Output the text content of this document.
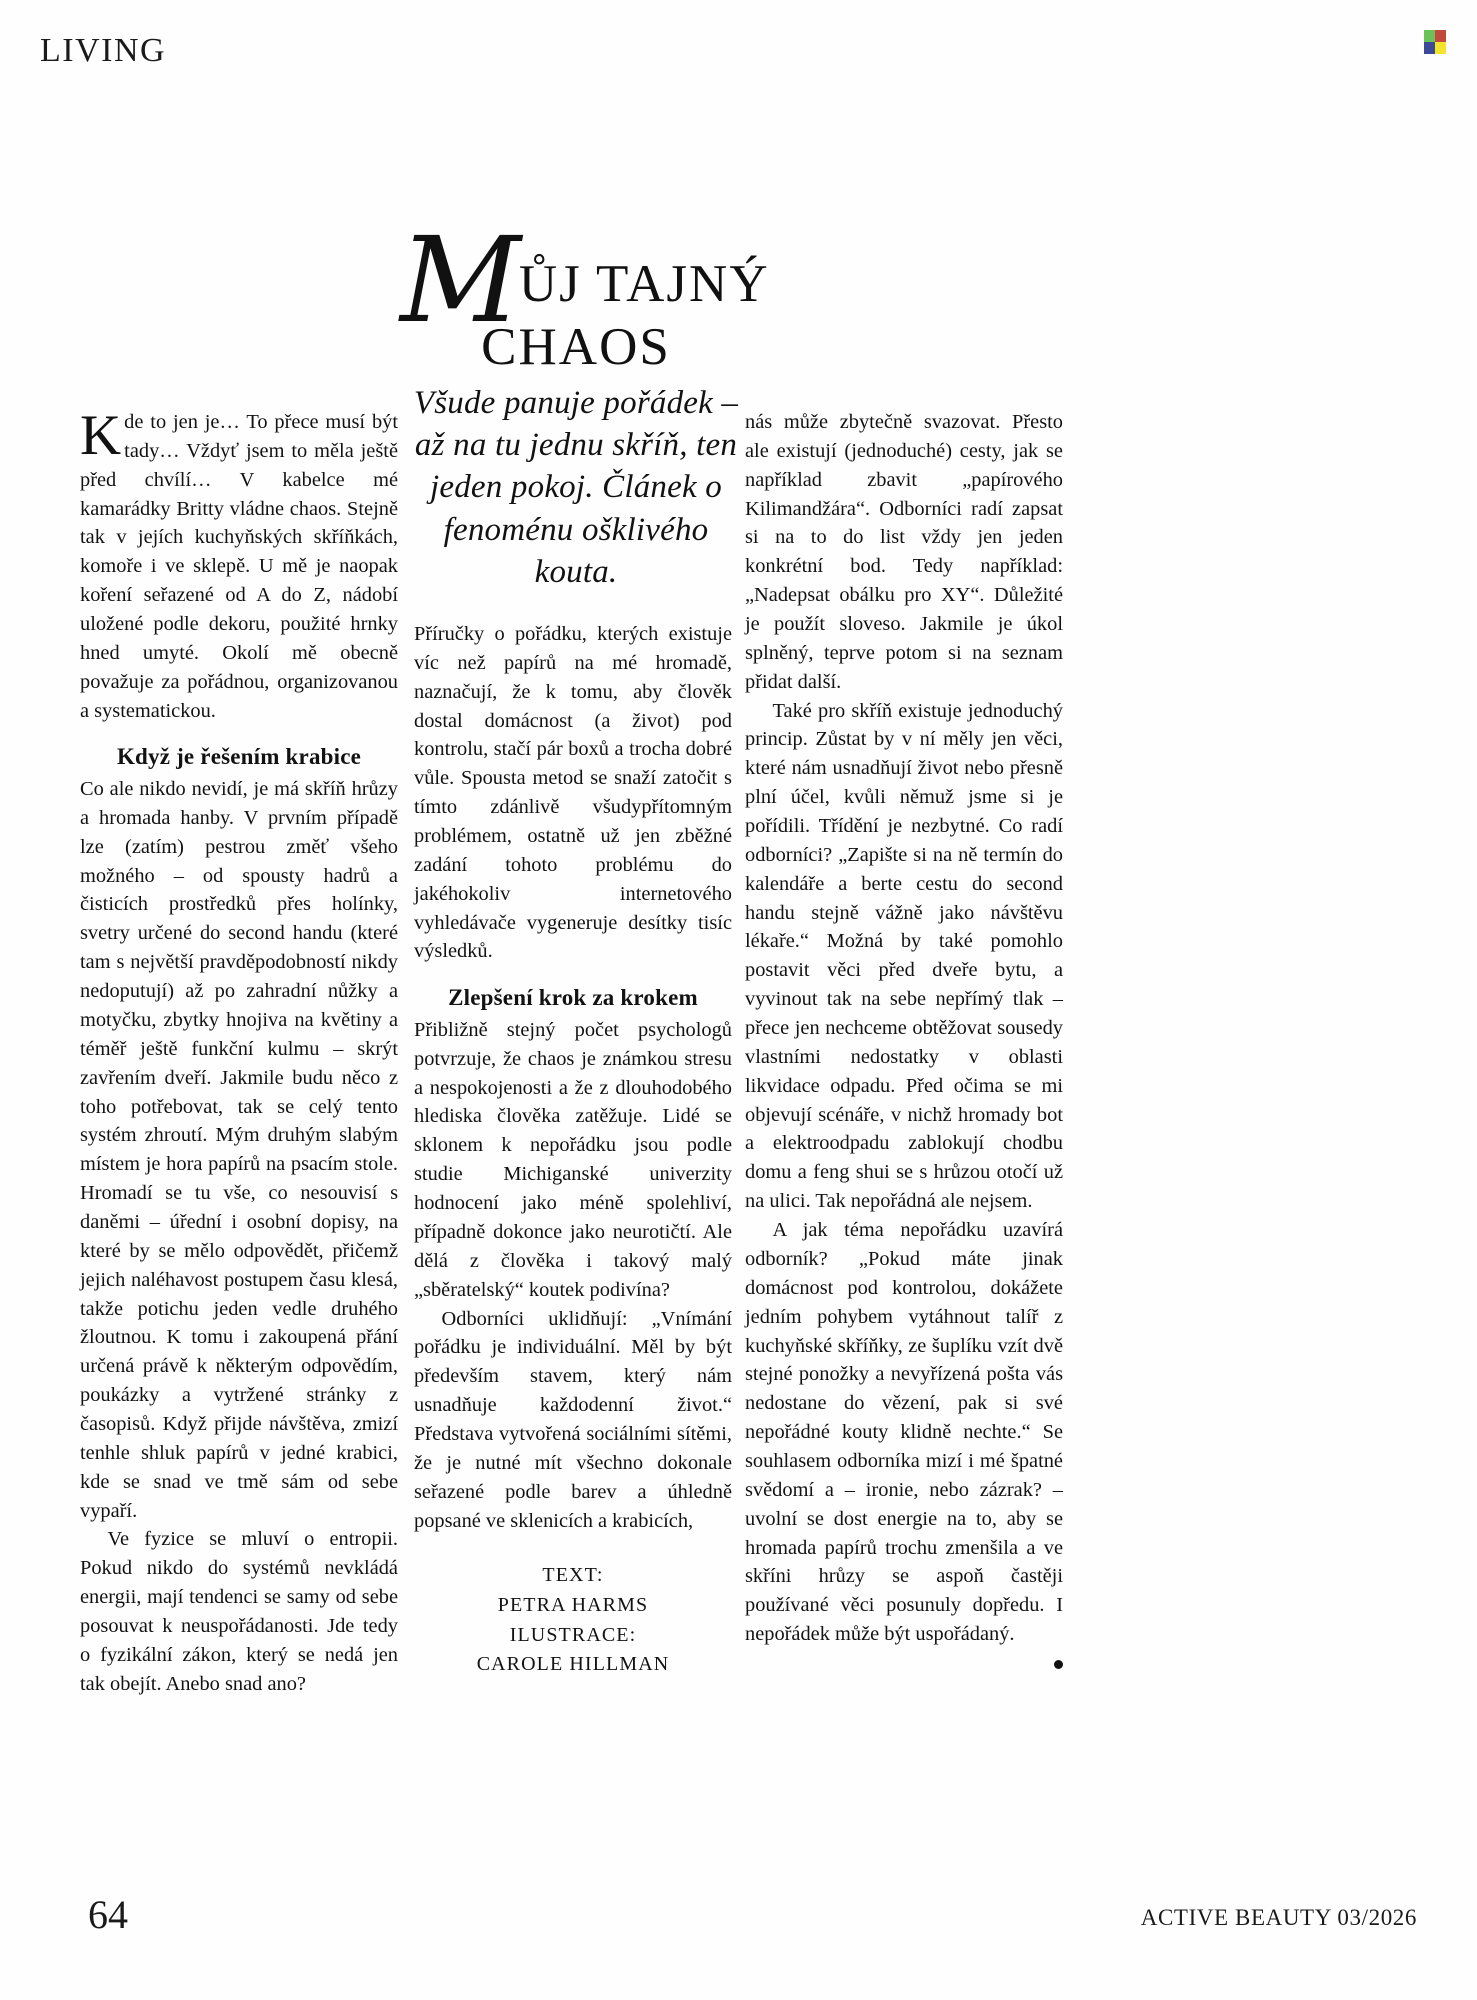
LIVING
MŮJ TAJNÝ
CHAOS
Všude panuje pořádek – až na tu jednu skříň, ten jeden pokoj. Článek o fenoménu ošklivého kouta.

Kde to jen je… To přece musí být tady… Vždyť jsem to měla ještě před chvílí… V kabelce mé kamarádky Britty vládne chaos. Stejně tak v jejích kuchyňských skříňkách, komoře i ve sklepě. U mě je naopak koření seřazené od A do Z, nádobí uložené podle dekoru, použité hrnky hned umyté. Okolí mě obecně považuje za pořádnou, organizovanou a systematickou.

Když je řešením krabice

Co ale nikdo nevidí, je má skříň hrůzy a hromada hanby. V prvním případě lze (zatím) pestrou změť všeho možného – od spousty hadrů a čisticích prostředků přes holínky, svetry určené do second handu (které tam s největší pravděpodobností nikdy nedoputují) až po zahradní nůžky a motyčku, zbytky hnojiva na květiny a téměř ještě funkční kulmu – skrýt zavřením dveří. Jakmile budu něco z toho potřebovat, tak se celý tento systém zhroutí. Mým druhým slabým místem je hora papírů na psacím stole. Hromadí se tu vše, co nesouvisí s daněmi – úřední i osobní dopisy, na které by se mělo odpovědět, přičemž jejich naléhavost postupem času klesá, takže potichu jeden vedle druhého žloutnou. K tomu i zakoupená přání určená právě k některým odpovědím, poukázky a vytržené stránky z časopisů. Když přijde návštěva, zmizí tenhle shluk papírů v jedné krabici, kde se snad ve tmě sám od sebe vypaří.

Ve fyzice se mluví o entropii. Pokud nikdo do systémů nevkládá energii, mají tendenci se samy od sebe posouvat k neuspořádanosti. Jde tedy o fyzikální zákon, který se nedá jen tak obejít. Anebo snad ano?

Příručky o pořádku, kterých existuje víc než papírů na mé hromadě, naznačují, že k tomu, aby člověk dostal domácnost (a život) pod kontrolu, stačí pár boxů a trocha dobré vůle. Spousta metod se snaží zatočit s tímto zdánlivě všudypřítomným problémem, ostatně už jen zběžné zadání tohoto problému do jakéhokoliv internetového vyhledávače vygeneruje desítky tisíc výsledků.

Zlepšení krok za krokem

Přibližně stejný počet psychologů potvrzuje, že chaos je známkou stresu a nespokojenosti a že z dlouhodobého hlediska člověka zatěžuje. Lidé se sklonem k nepořádku jsou podle studie Michiganské univerzity hodnocení jako méně spolehliví, případně dokonce jako neurotičtí. Ale dělá z člověka i takový malý „sběratelský“ koutek podivína?

Odborníci uklidňují: „Vnímání pořádku je individuální. Měl by být především stavem, který nám usnadňuje každodenní život.“ Představa vytvořená sociálními sítěmi, že je nutné mít všechno dokonale seřazené podle barev a úhledně popsané ve sklenicích a krabicích,

TEXT:
PETRA HARMS
ILUSTRACE:
CAROLE HILLMAN

nás může zbytečně svazovat. Přesto ale existují (jednoduché) cesty, jak se například zbavit „papírového Kilimandžára“. Odborníci radí zapsat si na to do list vždy jen jeden konkrétní bod. Tedy například: „Nadepsat obálku pro XY“. Důležité je použít sloveso. Jakmile je úkol splněný, teprve potom si na seznam přidat další.

Také pro skříň existuje jednoduchý princip. Zůstat by v ní měly jen věci, které nám usnadňují život nebo přesně plní účel, kvůli němuž jsme si je pořídili. Třídění je nezbytné. Co radí odborníci? „Zapište si na ně termín do kalendáře a berte cestu do second handu stejně vážně jako návštěvu lékaře.“ Možná by také pomohlo postavit věci před dveře bytu, a vyvinout tak na sebe nepřímý tlak – přece jen nechceme obtěžovat sousedy vlastními nedostatky v oblasti likvidace odpadu. Před očima se mi objevují scénáře, v nichž hromady bot a elektroodpadu zablokují chodbu domu a feng shui se s hrůzou otočí už na ulici. Tak nepořádná ale nejsem.

A jak téma nepořádku uzavírá odborník? „Pokud máte jinak domácnost pod kontrolou, dokážete jedním pohybem vytáhnout talíř z kuchyňské skříňky, ze šuplíku vzít dvě stejné ponožky a nevyřízená pošta vás nedostane do vězení, pak si své nepořádné kouty klidně nechte.“ Se souhlasem odborníka mizí i mé špatné svědomí a – ironie, nebo zázrak? – uvolní se dost energie na to, aby se hromada papírů trochu zmenšila a ve skříni hrůzy se aspoň častěji používané věci posunuly dopředu. I nepořádek může být uspořádaný.

64	ACTIVE BEAUTY 03/2026
